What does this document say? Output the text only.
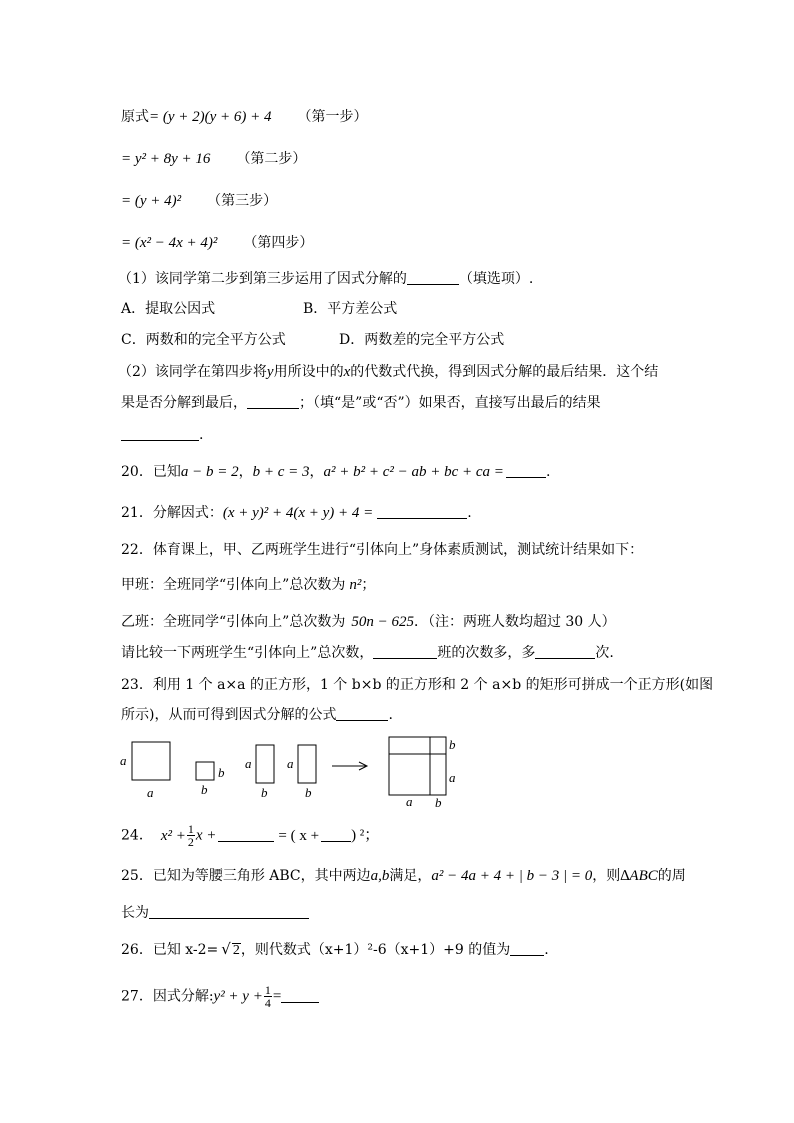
原式= (y + 2)(y + 6) + 4 （第一步）
= y² + 8y + 16 （第二步）
= (y + 4)² （第三步）
= (x² − 4x + 4)² （第四步）
（1）该同学第二步到第三步运用了因式分解的	（填选项）.
A．提取公因式	B．平方差公式
C．两数和的完全平方公式	D．两数差的完全平方公式
（2）该同学在第四步将y用所设中的x的代数式代换，得到因式分解的最后结果．这个结
果是否分解到最后，	；（填“是”或“否”）如果否，直接写出最后的结果
.
20．已知a − b = 2，b + c = 3，a² + b² + c² − ab + bc + ca =	.
21．分解因式：(x + y)² + 4(x + y) + 4 =	.
22．体育课上，甲、乙两班学生进行“引体向上”身体素质测试，测试统计结果如下：
甲班：全班同学“引体向上”总次数为 n²；
乙班：全班同学“引体向上”总次数为 50n − 625．（注：两班人数均超过 30 人）
请比较一下两班学生“引体向上”总次数，	班的次数多，多	次.
23．利用 1 个 a×a 的正方形，1 个 b×b 的正方形和 2 个 a×b 的矩形可拼成一个正方形(如图
所示)，从而可得到因式分解的公式	.
a
a
b
b
a
b
a
b
b
a
a b
24． $x^2 + \frac{1}{2}$ x +	= ( x + ) ²；
25．已知为等腰三角形 ABC，其中两边a,b满足，a² − 4a + 4 + | b − 3 | = 0，则∆ABC的周
长为
26．已知 x-2= √ 2，则代数式（x+1）²-6（x+1）+9 的值为 .
27．因式分解:y² + $y + \frac{1}{4}$ =
